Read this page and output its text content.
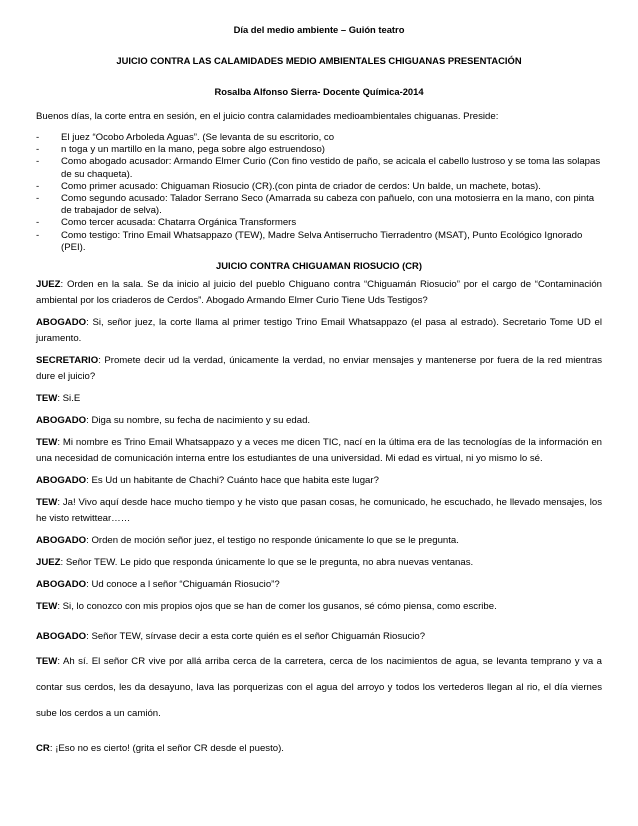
Día del medio ambiente – Guión teatro
JUICIO CONTRA LAS CALAMIDADES MEDIO AMBIENTALES CHIGUANAS PRESENTACIÓN
Rosalba Alfonso Sierra- Docente Química-2014
Buenos días, la corte entra en sesión, en el juicio contra calamidades medioambientales chiguanas. Preside:
- El juez “Ocobo Arboleda Aguas”. (Se levanta de su escritorio, co
- n toga y un martillo en la mano, pega sobre algo estruendoso)
- Como abogado acusador: Armando Elmer Curio (Con fino vestido de paño, se acicala el cabello lustroso y se toma las solapas de su chaqueta).
- Como primer acusado: Chiguaman Riosucio (CR).(con pinta de criador de cerdos: Un balde, un machete, botas).
- Como segundo acusado: Talador Serrano Seco (Amarrada su cabeza con pañuelo, con una motosierra en la mano, con pinta de trabajador de selva).
- Como tercer acusada: Chatarra Orgánica Transformers
- Como testigo: Trino Email Whatsappazo (TEW), Madre Selva Antiserrucho Tierradentro (MSAT), Punto Ecológico Ignorado (PEI).
JUICIO CONTRA CHIGUAMAN RIOSUCIO (CR)
JUEZ: Orden en la sala. Se da inicio al juicio del pueblo Chiguano contra “Chiguamán Riosucio” por el cargo de “Contaminación ambiental por los criaderos de Cerdos”. Abogado Armando Elmer Curio Tiene Uds Testigos?
ABOGADO: Si, señor juez, la corte llama al primer testigo Trino Email Whatsappazo (el pasa al estrado). Secretario Tome UD el juramento.
SECRETARIO: Promete decir ud la verdad, únicamente la verdad, no enviar mensajes y mantenerse por fuera de la red mientras dure el juicio?
TEW: Si.E
ABOGADO: Diga su nombre, su fecha de nacimiento y su edad.
TEW: Mi nombre es Trino Email Whatsappazo y a veces me dicen TIC, nací en la última era de las tecnologías de la información en una necesidad de comunicación interna entre los estudiantes de una universidad. Mi edad es virtual, ni yo mismo lo sé.
ABOGADO: Es Ud un habitante de Chachi? Cuánto hace que habita este lugar?
TEW: Ja! Vivo aquí desde hace mucho tiempo y he visto que pasan cosas, he comunicado, he escuchado, he llevado mensajes, los he visto retwittear……
ABOGADO: Orden de moción señor juez, el testigo no responde únicamente lo que se le pregunta.
JUEZ: Señor TEW. Le pido que responda únicamente lo que se le pregunta, no abra nuevas ventanas.
ABOGADO: Ud conoce a l señor “Chiguamán Riosucio”?
TEW: Si, lo conozco con mis propios ojos que se han de comer los gusanos, sé cómo piensa, como escribe.
ABOGADO: Señor TEW, sírvase decir a esta corte quién es el señor Chiguamán Riosucio?
TEW: Ah sí. El señor CR vive por allá arriba cerca de la carretera, cerca de los nacimientos de agua, se levanta temprano y va a contar sus cerdos, les da desayuno, lava las porquerizas con el agua del arroyo y todos los vertederos llegan al rio, el día viernes sube los cerdos a un camión.
CR: ¡Eso no es cierto! (grita el señor CR desde el puesto).
